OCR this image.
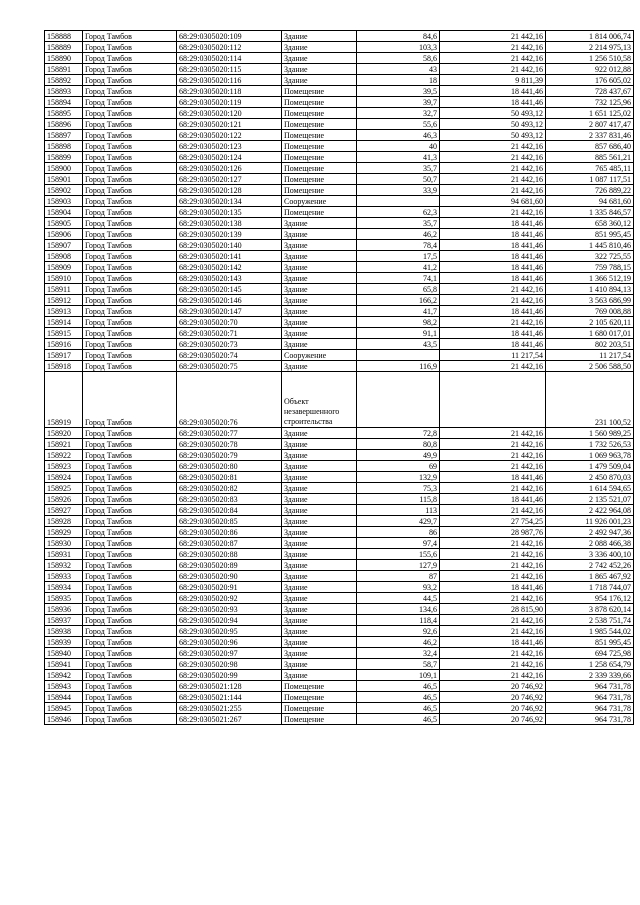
158888	Город Тамбов	68:29:0305020:109	Здание	84,6	21 442,16	1 814 006,74
158889	Город Тамбов	68:29:0305020:112	Здание	103,3	21 442,16	2 214 975,13
158890	Город Тамбов	68:29:0305020:114	Здание	58,6	21 442,16	1 256 510,58
158891	Город Тамбов	68:29:0305020:115	Здание	43	21 442,16	922 012,88
158892	Город Тамбов	68:29:0305020:116	Здание	18	9 811,39	176 605,02
158893	Город Тамбов	68:29:0305020:118	Помещение	39,5	18 441,46	728 437,67
158894	Город Тамбов	68:29:0305020:119	Помещение	39,7	18 441,46	732 125,96
158895	Город Тамбов	68:29:0305020:120	Помещение	32,7	50 493,12	1 651 125,02
158896	Город Тамбов	68:29:0305020:121	Помещение	55,6	50 493,12	2 807 417,47
158897	Город Тамбов	68:29:0305020:122	Помещение	46,3	50 493,12	2 337 831,46
158898	Город Тамбов	68:29:0305020:123	Помещение	40	21 442,16	857 686,40
158899	Город Тамбов	68:29:0305020:124	Помещение	41,3	21 442,16	885 561,21
158900	Город Тамбов	68:29:0305020:126	Помещение	35,7	21 442,16	765 485,11
158901	Город Тамбов	68:29:0305020:127	Помещение	50,7	21 442,16	1 087 117,51
158902	Город Тамбов	68:29:0305020:128	Помещение	33,9	21 442,16	726 889,22
158903	Город Тамбов	68:29:0305020:134	Сооружение		94 681,60	94 681,60
158904	Город Тамбов	68:29:0305020:135	Помещение	62,3	21 442,16	1 335 846,57
158905	Город Тамбов	68:29:0305020:138	Здание	35,7	18 441,46	658 360,12
158906	Город Тамбов	68:29:0305020:139	Здание	46,2	18 441,46	851 995,45
158907	Город Тамбов	68:29:0305020:140	Здание	78,4	18 441,46	1 445 810,46
158908	Город Тамбов	68:29:0305020:141	Здание	17,5	18 441,46	322 725,55
158909	Город Тамбов	68:29:0305020:142	Здание	41,2	18 441,46	759 788,15
158910	Город Тамбов	68:29:0305020:143	Здание	74,1	18 441,46	1 366 512,19
158911	Город Тамбов	68:29:0305020:145	Здание	65,8	21 442,16	1 410 894,13
158912	Город Тамбов	68:29:0305020:146	Здание	166,2	21 442,16	3 563 686,99
158913	Город Тамбов	68:29:0305020:147	Здание	41,7	18 441,46	769 008,88
158914	Город Тамбов	68:29:0305020:70	Здание	98,2	21 442,16	2 105 620,11
158915	Город Тамбов	68:29:0305020:71	Здание	91,1	18 441,46	1 680 017,01
158916	Город Тамбов	68:29:0305020:73	Здание	43,5	18 441,46	802 203,51
158917	Город Тамбов	68:29:0305020:74	Сооружение		11 217,54	11 217,54
158918	Город Тамбов	68:29:0305020:75	Здание	116,9	21 442,16	2 506 588,50
158919	Город Тамбов	68:29:0305020:76	Объект незавершенного строительства			231 100,52
158920	Город Тамбов	68:29:0305020:77	Здание	72,8	21 442,16	1 560 989,25
158921	Город Тамбов	68:29:0305020:78	Здание	80,8	21 442,16	1 732 526,53
158922	Город Тамбов	68:29:0305020:79	Здание	49,9	21 442,16	1 069 963,78
158923	Город Тамбов	68:29:0305020:80	Здание	69	21 442,16	1 479 509,04
158924	Город Тамбов	68:29:0305020:81	Здание	132,9	18 441,46	2 450 870,03
158925	Город Тамбов	68:29:0305020:82	Здание	75,3	21 442,16	1 614 594,65
158926	Город Тамбов	68:29:0305020:83	Здание	115,8	18 441,46	2 135 521,07
158927	Город Тамбов	68:29:0305020:84	Здание	113	21 442,16	2 422 964,08
158928	Город Тамбов	68:29:0305020:85	Здание	429,7	27 754,25	11 926 001,23
158929	Город Тамбов	68:29:0305020:86	Здание	86	28 987,76	2 492 947,36
158930	Город Тамбов	68:29:0305020:87	Здание	97,4	21 442,16	2 088 466,38
158931	Город Тамбов	68:29:0305020:88	Здание	155,6	21 442,16	3 336 400,10
158932	Город Тамбов	68:29:0305020:89	Здание	127,9	21 442,16	2 742 452,26
158933	Город Тамбов	68:29:0305020:90	Здание	87	21 442,16	1 865 467,92
158934	Город Тамбов	68:29:0305020:91	Здание	93,2	18 441,46	1 718 744,07
158935	Город Тамбов	68:29:0305020:92	Здание	44,5	21 442,16	954 176,12
158936	Город Тамбов	68:29:0305020:93	Здание	134,6	28 815,90	3 878 620,14
158937	Город Тамбов	68:29:0305020:94	Здание	118,4	21 442,16	2 538 751,74
158938	Город Тамбов	68:29:0305020:95	Здание	92,6	21 442,16	1 985 544,02
158939	Город Тамбов	68:29:0305020:96	Здание	46,2	18 441,46	851 995,45
158940	Город Тамбов	68:29:0305020:97	Здание	32,4	21 442,16	694 725,98
158941	Город Тамбов	68:29:0305020:98	Здание	58,7	21 442,16	1 258 654,79
158942	Город Тамбов	68:29:0305020:99	Здание	109,1	21 442,16	2 339 339,66
158943	Город Тамбов	68:29:0305021:128	Помещение	46,5	20 746,92	964 731,78
158944	Город Тамбов	68:29:0305021:144	Помещение	46,5	20 746,92	964 731,78
158945	Город Тамбов	68:29:0305021:255	Помещение	46,5	20 746,92	964 731,78
158946	Город Тамбов	68:29:0305021:267	Помещение	46,5	20 746,92	964 731,78
